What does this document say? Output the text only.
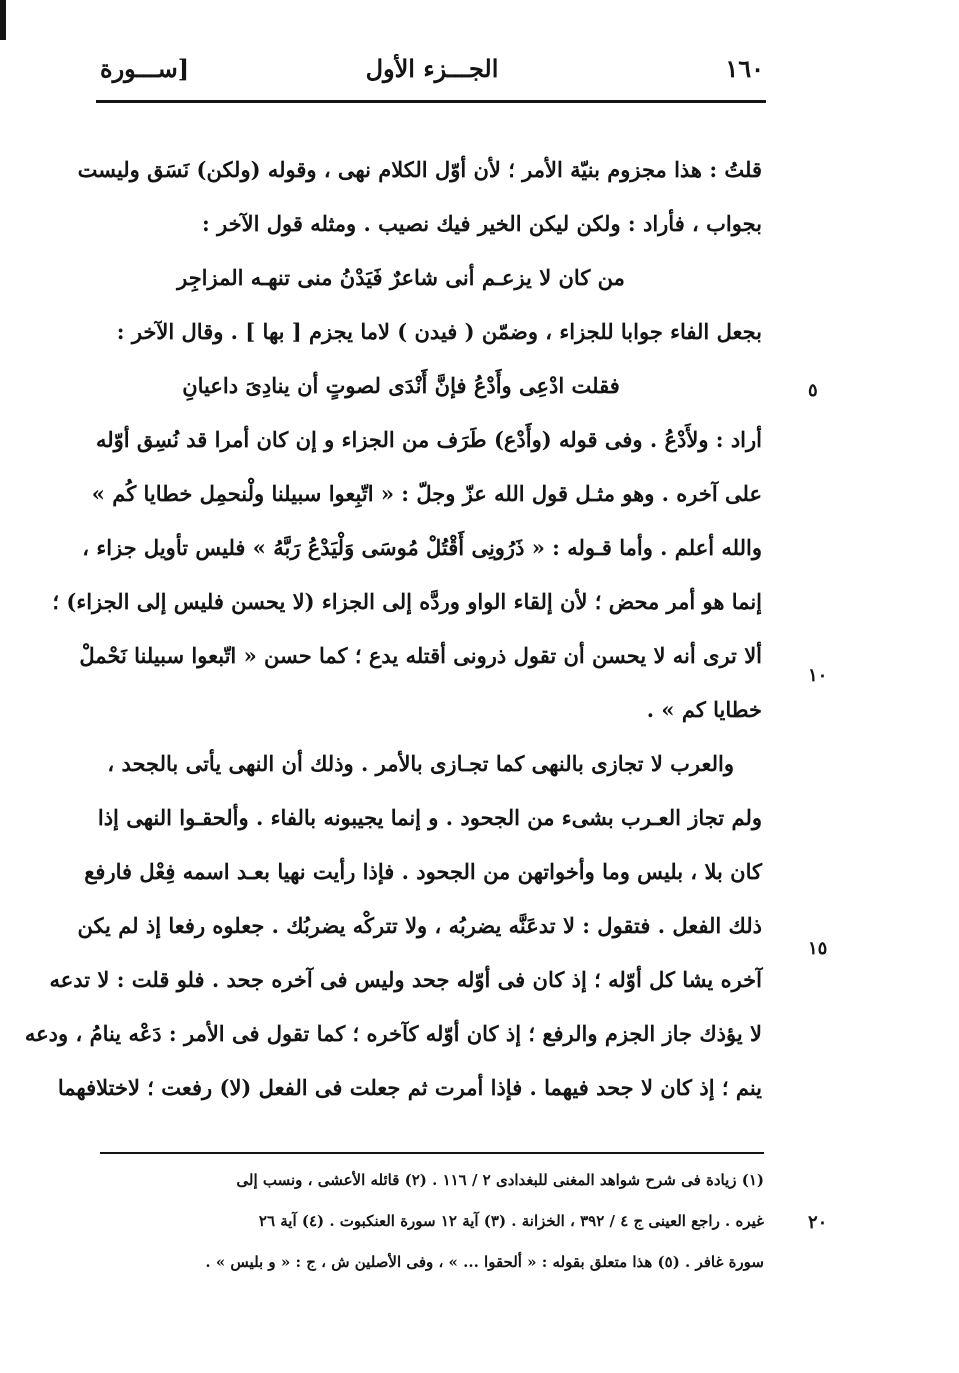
١٦٠
الجـــزء الأول
[ســـورة
قلتُ : هذا مجزوم بنيّة الأمر ؛ لأن أوّل الكلام نهى ، وقوله (ولكن) نَسَق وليست
بجواب ، فأراد : ولكن ليكن الخير فيك نصيب . ومثله قول الآخر :
من كان لا يزعـم أنى شاعرٌ فَيَدْنُ منى تنهـه المزاجِر
بجعل الفاء جوابا للجزاء ، وضمّن ( فيدن ) لاما يجزم [ بها ] . وقال الآخر :
فقلت ادْعِى وأَدْعُ فإنَّ أَنْدَى لصوتٍ أن ينادِىَ داعيانِ
أراد : ولأَدْعُ . وفى قوله (وأَدْع) طَرَف من الجزاء و إن كان أمرا قد نُسِق أوّله
على آخره . وهو مثـل قول الله عزّ وجلّ : « اتّبِعوا سبيلنا ولْنحمِل خطايا كُم »
والله أعلم . وأما قـوله : « ذَرُونِى أَقْتُلْ مُوسَى وَلْيَدْعُ رَبَّهُ » فليس تأويل جزاء ،
إنما هو أمر محض ؛ لأن إلقاء الواو وردَّه إلى الجزاء (لا يحسن فليس إلى الجزاء) ؛
ألا ترى أنه لا يحسن أن تقول ذرونى أقتله يدع ؛ كما حسن « اتّبعوا سبيلنا نَحْملْ
خطايا كم » .
والعرب لا تجازى بالنهى كما تجـازى بالأمر . وذلك أن النهى يأتى بالجحد ،
ولم تجاز العـرب بشىء من الجحود . و إنما يجيبونه بالفاء . وألحقـوا النهى إذا
كان بلا ، بليس وما وأخواتهن من الجحود . فإذا رأيت نهيا بعـد اسمه فِعْل فارفع
ذلك الفعل . فتقول : لا تدعَنَّه يضربُه ، ولا تتركْه يضربُك . جعلوه رفعا إذ لم يكن
آخره يشا كل أوّله ؛ إذ كان فى أوّله جحد وليس فى آخره جحد . فلو قلت : لا تدعه
لا يؤذك جاز الجزم والرفع ؛ إذ كان أوّله كآخره ؛ كما تقول فى الأمر : دَعْه ينامُ ، ودعه
ينم ؛ إذ كان لا جحد فيهما . فإذا أمرت ثم جعلت فى الفعل (لا) رفعت ؛ لاختلافهما
٥
١٠
١٥
٢٠
(١) زيادة فى شرح شواهد المغنى للبغدادى ٢ / ١١٦ . (٢) قائله الأعشى ، ونسب إلى
غيره . راجع العينى ج ٤ / ٣٩٢ ، الخزانة . (٣) آية ١٢ سورة العنكبوت . (٤) آية ٢٦
سورة غافر . (٥) هذا متعلق بقوله : « ألحقوا ... » ، وفى الأصلين ش ، ج : « و بليس » .
